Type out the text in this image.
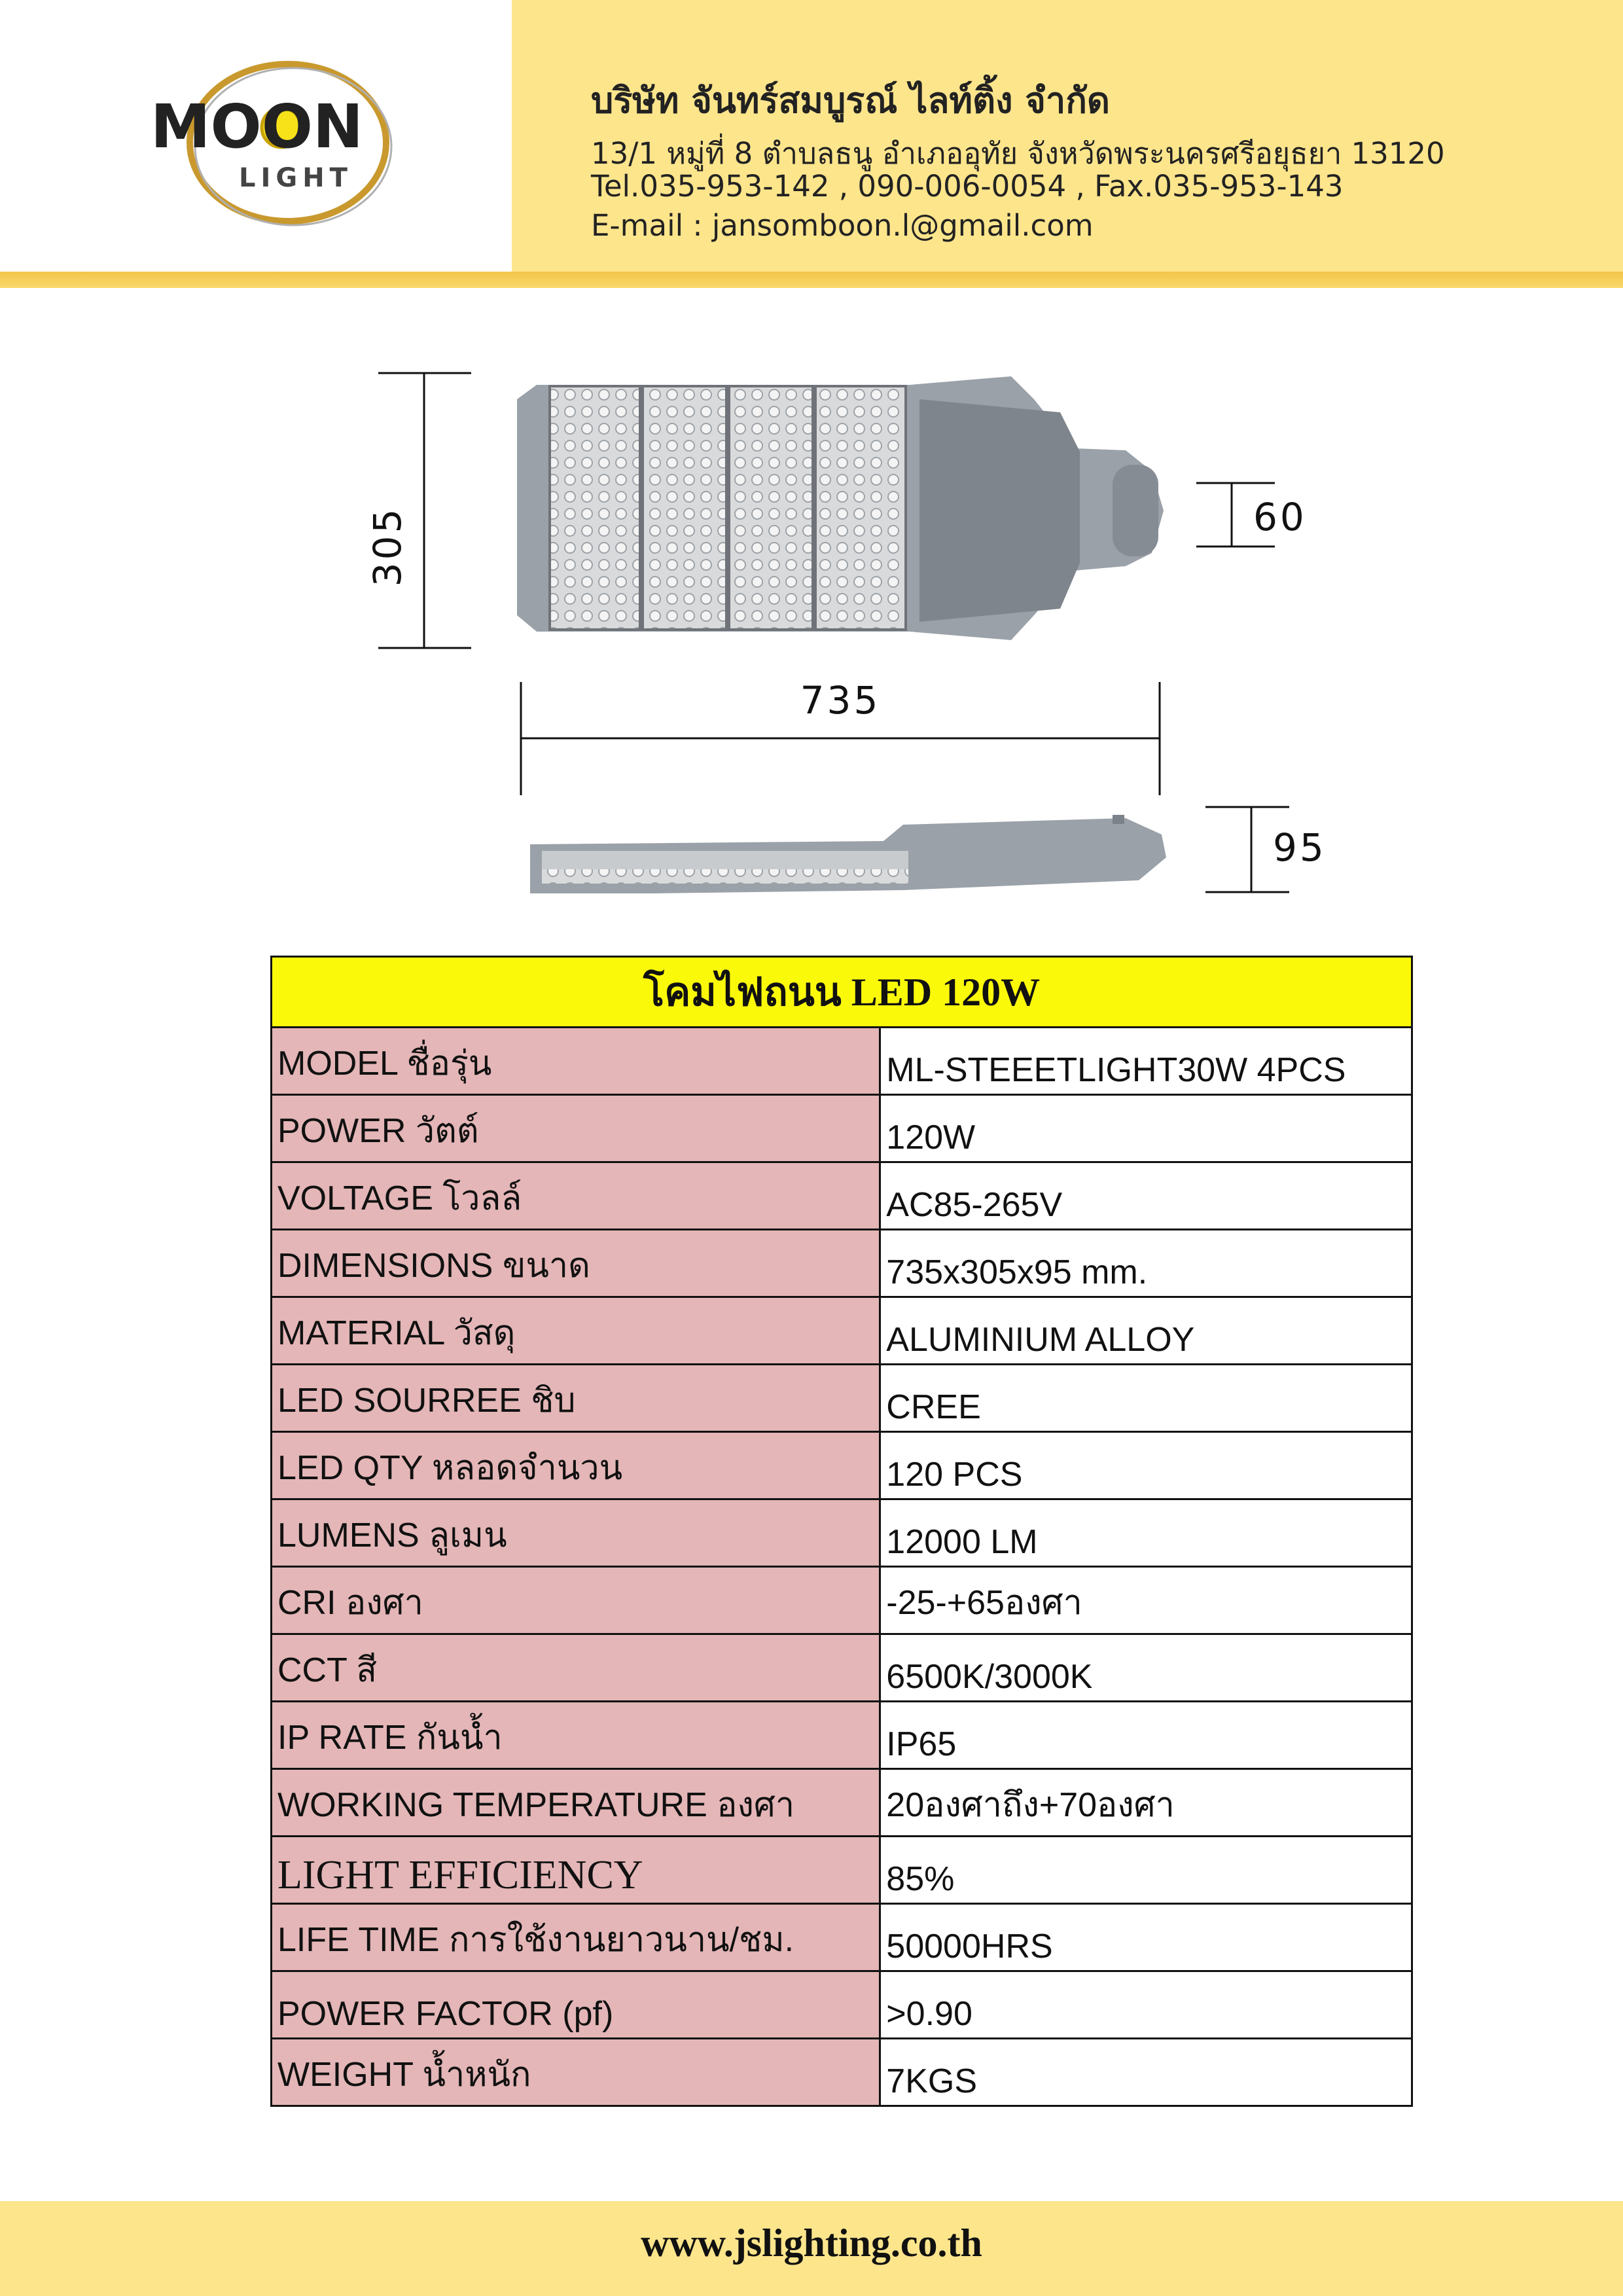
MOON
LIGHT
บริษัท จันทร์สมบูรณ์ ไลท์ติ้ง จำกัด
13/1 หมู่ที่ 8 ตำบลธนู อำเภออุทัย จังหวัดพระนครศรีอยุธยา 13120
Tel.035-953-142 , 090-006-0054 , Fax.035-953-143
E-mail : jansomboon.l@gmail.com
305	60
735
95
โคมไฟถนน LED 120W	
MODEL ชื่อรุ่น	ML-STEEETLIGHT30W 4PCS
POWER วัตต์	120W
VOLTAGE โวลล์	AC85-265V
DIMENSIONS ขนาด	735x305x95 mm.
MATERIAL วัสดุ	ALUMINIUM ALLOY
LED SOURREE ชิบ	CREE
LED QTY หลอดจำนวน	120 PCS
LUMENS ลูเมน	12000 LM
CRI องศา	-25-+65องศา
CCT สี	6500K/3000K
IP RATE กันน้ำ	IP65
WORKING TEMPERATURE องศา	20องศาถึง+70องศา
LIGHT EFFICIENCY	85%
LIFE TIME การใช้งานยาวนาน/ชม.	50000HRS
POWER FACTOR (pf)	>0.90
WEIGHT น้ำหนัก	7KGS
www.jslighting.co.th
